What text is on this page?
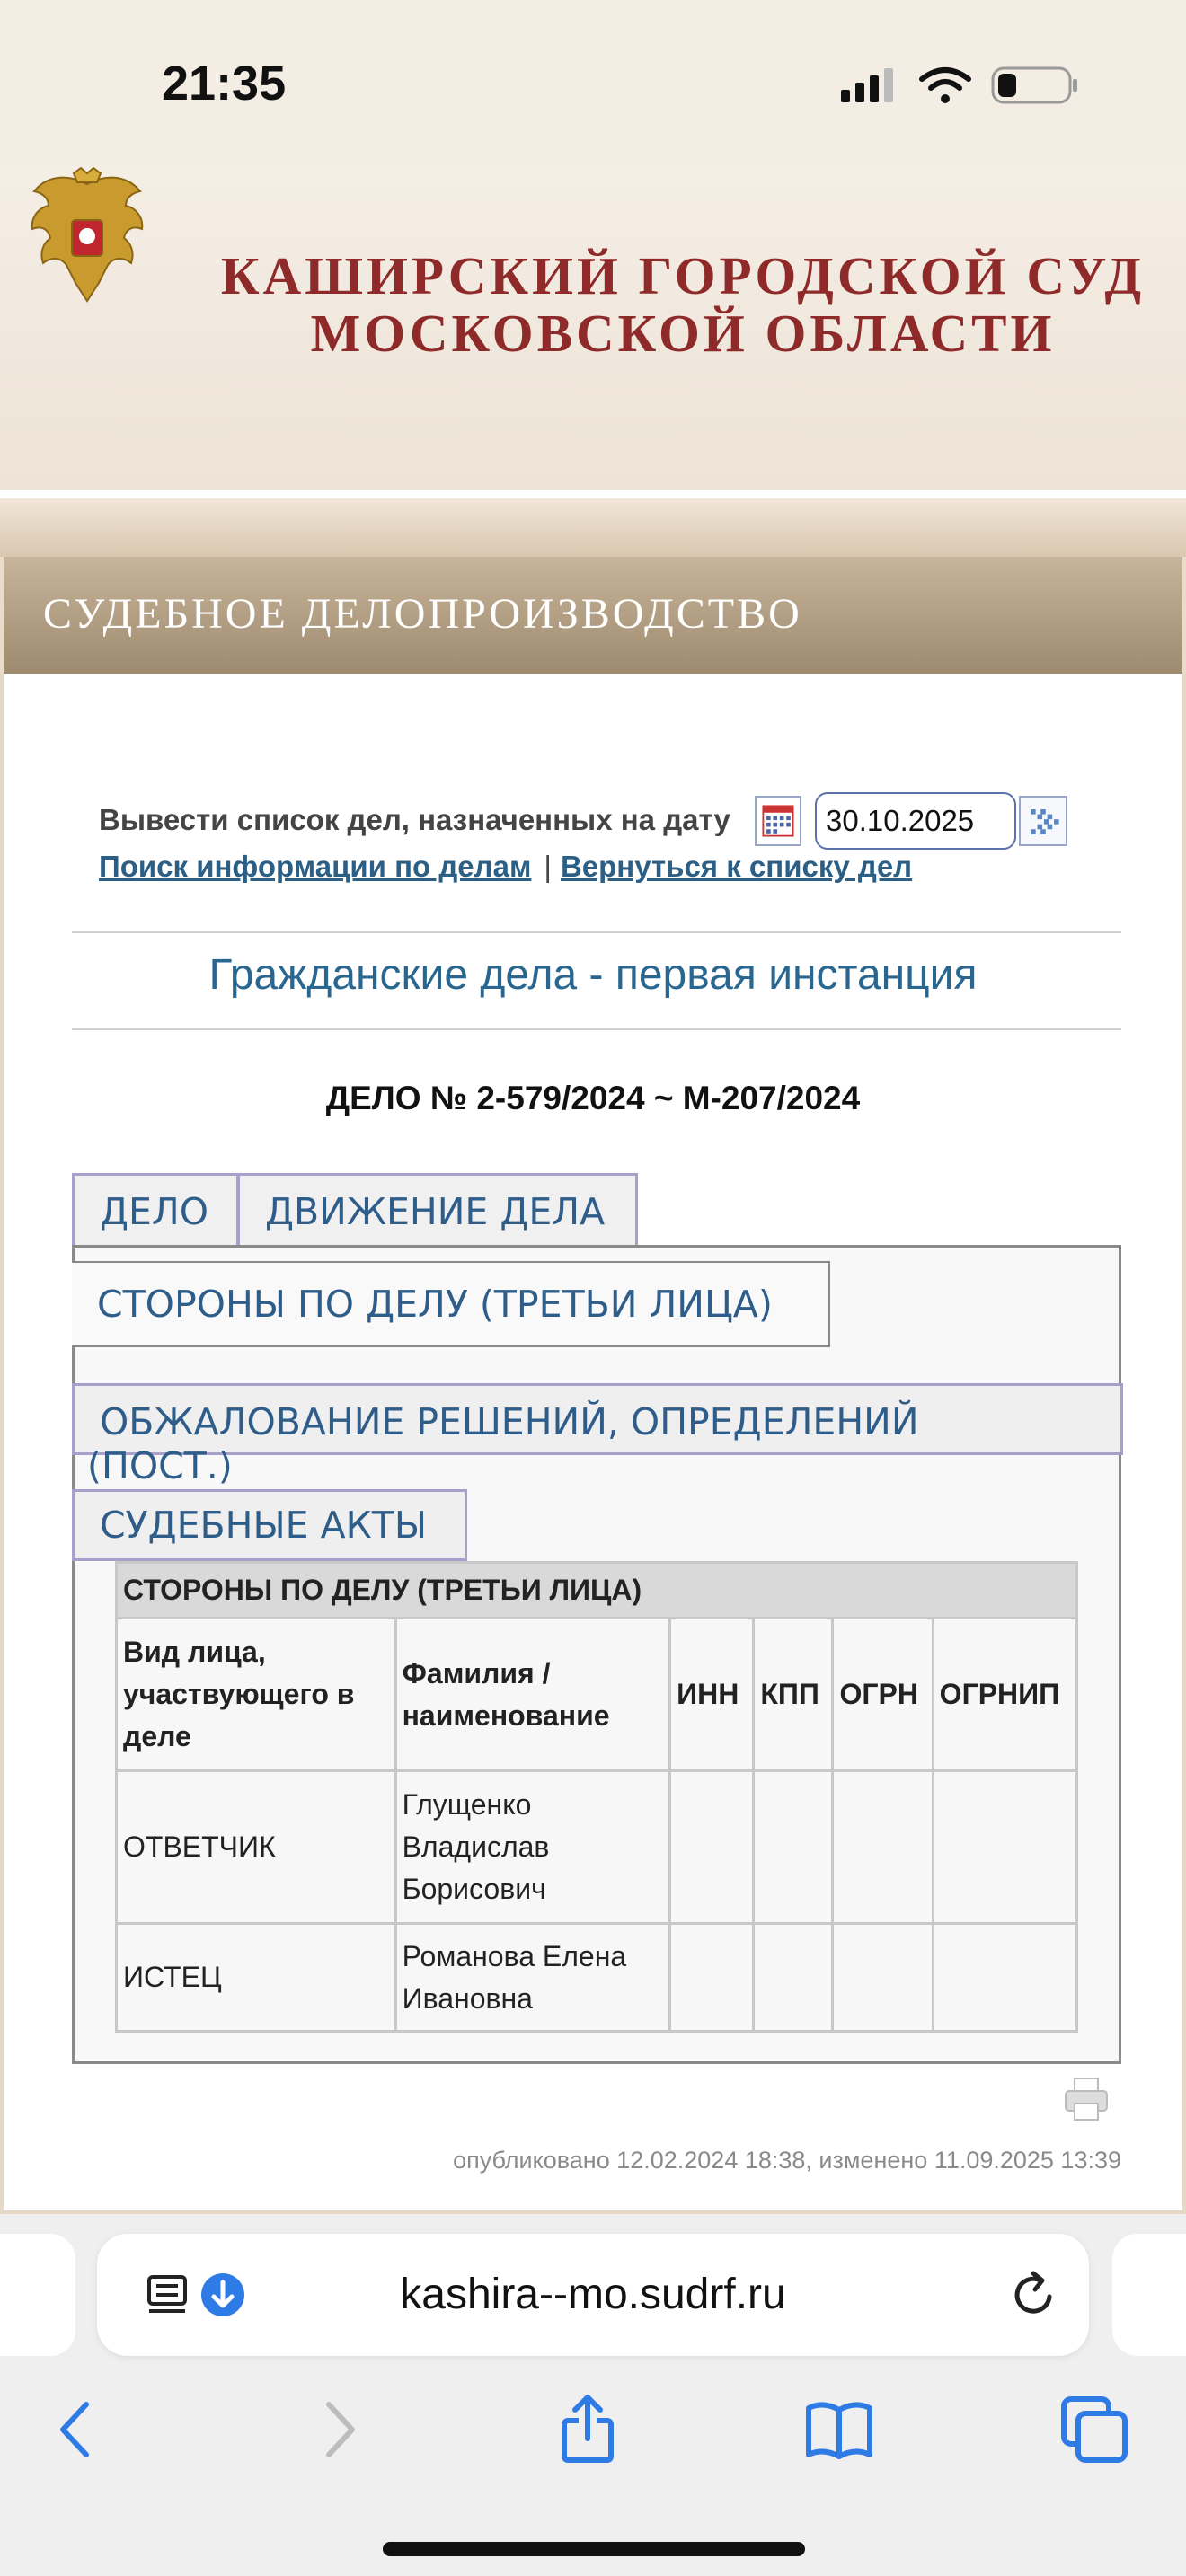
21:35
КАШИРСКИЙ ГОРОДСКОЙ СУД
МОСКОВСКОЙ ОБЛАСТИ
СУДЕБНОЕ ДЕЛОПРОИЗВОДСТВО
Вывести список дел, назначенных на дату
30.10.2025
Поиск информации по делам | Вернуться к списку дел
Гражданские дела - первая инстанция
ДЕЛО № 2-579/2024 ~ М-207/2024
ДЕЛО	ДВИЖЕНИЕ ДЕЛА
СТОРОНЫ ПО ДЕЛУ (ТРЕТЬИ ЛИЦА)
ОБЖАЛОВАНИЕ РЕШЕНИЙ, ОПРЕДЕЛЕНИЙ
(ПОСТ.)
СУДЕБНЫЕ АКТЫ
СТОРОНЫ ПО ДЕЛУ (ТРЕТЬИ ЛИЦА)					
Вид лица, участвующего в деле	Фамилия / наименование	ИНН	КПП	ОГРН	ОГРНИП
ОТВЕТЧИК	Глущенко Владислав Борисович				
ИСТЕЦ	Романова Елена Ивановна				
опубликовано 12.02.2024 18:38, изменено 11.09.2025 13:39
kashira--mo.sudrf.ru
